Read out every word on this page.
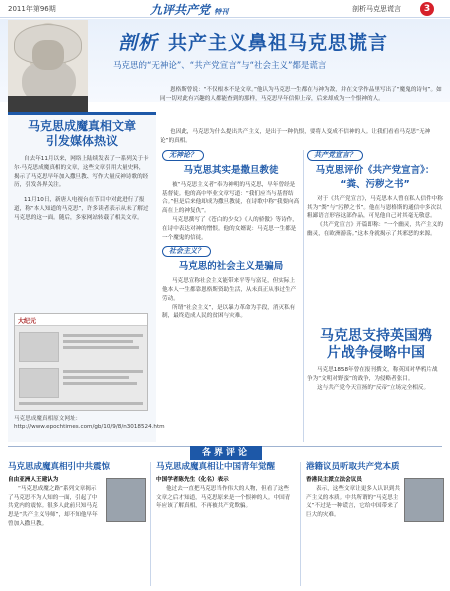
2011年第96期	九评共产党 特刊	剖析马克思谎言	3
剖析 共产主义鼻祖马克思谎言
马克思的“无神论”、“共产党宣言”与“社会主义”都是谎言
恩格斯曾说：“不仅根本不是文章。”他认为马克思一生都在与神为敌，并在文学作品里写出了“魔鬼的诗句”。如同一切对此有兴趣的人都能查到的那样，马克思早年信仰上帝，后来却成为一个恨神的人。
也因此，马克思为什么提出共产主义，是出于一种仇恨，要将人变成不信神的人。让我们看看马克思“无神论”的真相。
马克思成魔真相文章
引发媒体热议
自去年11月以来，网络上陆续发表了一系列关于卡尔·马克思成魔真相的文章，这些文章引用大量史料，揭示了马克思早年加入撒旦教、写作大量反神诗歌的经历，引发各界关注。
11月10日，新唐人电视台在节目中对此进行了报道，称“本人知道的马克思”，许多读者表示从未了解过马克思的这一面。随后，多家网站转载了相关文章。
大纪元
马克思成魔真相原文网址：http://www.epochtimes.com/gb/10/9/8/n3018524.htm
无神论？
马克思其实是撒旦教徒
被“马克思主义者”奉为神明的马克思，早年曾经是基督徒。他的高中毕业文章写道：“我们应当与基督结合。”但是后来他却成为撒旦教徒，在诗歌中称“我要向高高在上的神复仇”。
马克思撰写了《苍白的少女》《人的骄傲》等诗作，在诗中表达对神的憎恨。他的女婿说：马克思一生都是一个魔鬼的信徒。
社会主义？
马克思的社会主义是骗局
马克思宣称社会主义能带来平等与富足，但实际上他本人一生都靠恩格斯资助生活，从未真正从事过生产劳动。
所谓“社会主义”，是以暴力革命为手段，消灭私有制，最终造成人民的贫困与灾难。
共产党宣言？
马克思评价《共产党宣言》：
“粪、污秽之书”
对于《共产党宣言》，马克思本人曾在私人信件中称其为“粪”与“污秽之书”。他在与恩格斯的通信中多次以粗鄙语言形容这部作品，可见他自己对其毫无敬意。
《共产党宣言》开篇即称：“一个幽灵，共产主义的幽灵，在欧洲游荡。”这本身就揭示了其邪恶的来源。
马克思支持英国鸦
片战争侵略中国
马克思1858年曾在报刊撰文，称英国对华鸦片战争为“文明对野蛮”的战争，为侵略者张目。
这与共产党今天宣扬的“反帝”立场完全相反。
各界评论
马克思成魔真相引中共震惊
自由亚洲人王建认为
“马克思成魔之路”系列文章揭示了马克思不为人知的一面，引起了中共党内的震惊。很多人此前只知马克思是“共产主义导师”，却不知他早年曾加入撒旦教。
马克思成魔真相让中国青年觉醒
中国学者陈先生（化名）表示
他过去一直把马克思当作伟大的人物，但看了这些文章之后才知道，马克思原来是一个恨神的人。中国青年应该了解真相，不再被共产党欺骗。
港籍议员听取共产党本质
香港民主派立法会议员
表示，这些文章让更多人认识到共产主义的本质。中共所谓的“马克思主义”不过是一种谎言，它给中国带来了巨大的灾难。
